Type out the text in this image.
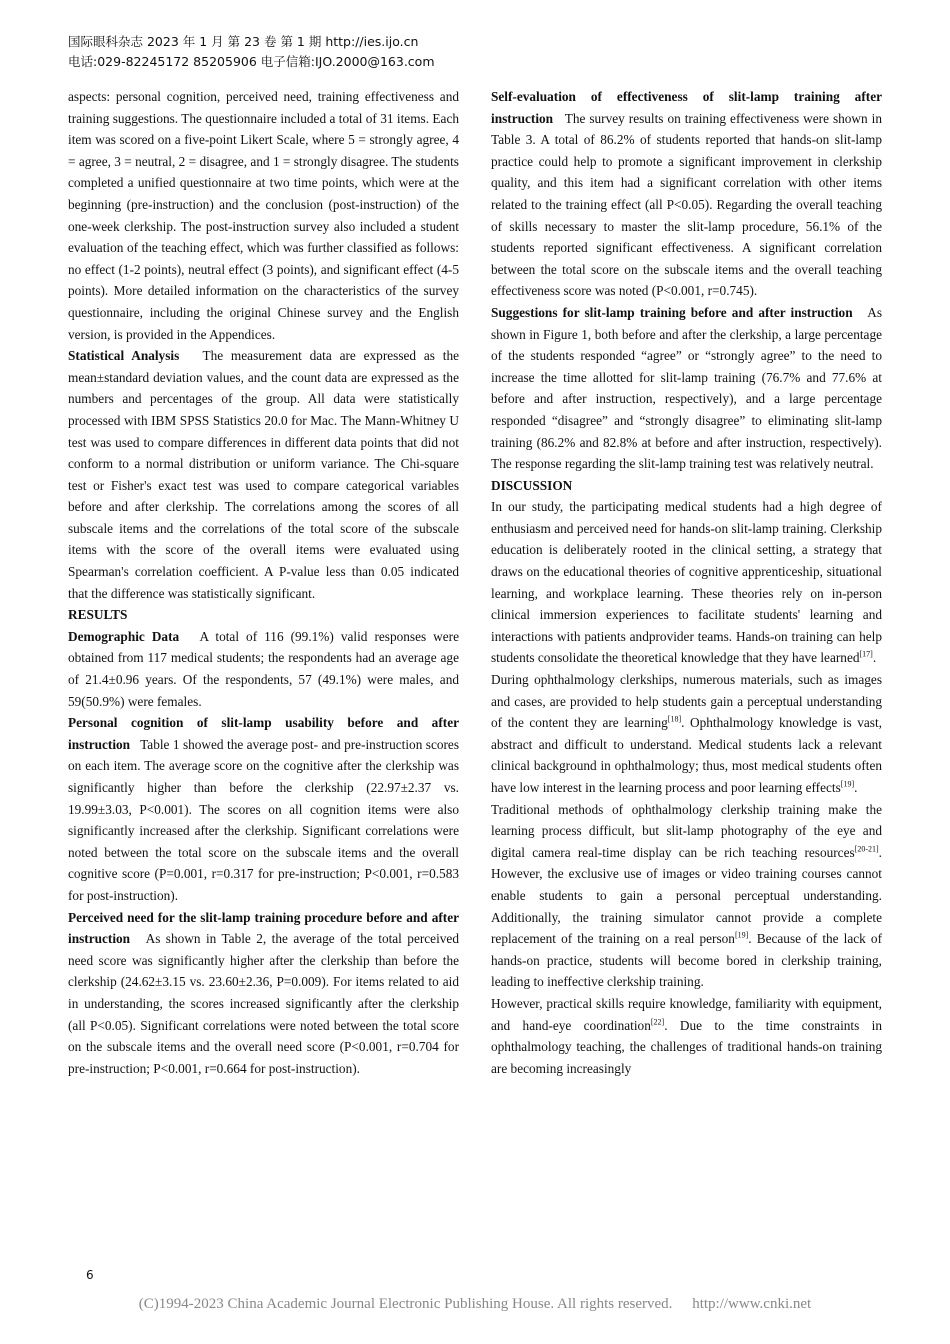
国际眼科杂志 2023 年 1 月 第 23 卷 第 1 期 http://ies.ijo.cn
电话:029-82245172 85205906 电子信箱:IJO.2000@163.com

aspects: personal cognition, perceived need, training effectiveness and training suggestions. The questionnaire included a total of 31 items. Each item was scored on a five-point Likert Scale, where 5 = strongly agree, 4 = agree, 3 = neutral, 2 = disagree, and 1 = strongly disagree. The students completed a unified questionnaire at two time points, which were at the beginning (pre-instruction) and the conclusion (post-instruction) of the one-week clerkship. The post-instruction survey also included a student evaluation of the teaching effect, which was further classified as follows: no effect (1-2 points), neutral effect (3 points), and significant effect (4-5 points). More detailed information on the characteristics of the survey questionnaire, including the original Chinese survey and the English version, is provided in the Appendices.

Statistical Analysis The measurement data are expressed as the mean±standard deviation values, and the count data are expressed as the numbers and percentages of the group. All data were statistically processed with IBM SPSS Statistics 20.0 for Mac. The Mann-Whitney U test was used to compare differences in different data points that did not conform to a normal distribution or uniform variance. The Chi-square test or Fisher's exact test was used to compare categorical variables before and after clerkship. The correlations among the scores of all subscale items and the correlations of the total score of the subscale items with the score of the overall items were evaluated using Spearman's correlation coefficient. A P-value less than 0.05 indicated that the difference was statistically significant.

RESULTS

Demographic Data A total of 116 (99.1%) valid responses were obtained from 117 medical students; the respondents had an average age of 21.4±0.96 years. Of the respondents, 57 (49.1%) were males, and 59(50.9%) were females.

Personal cognition of slit-lamp usability before and after instruction Table 1 showed the average post- and pre-instruction scores on each item. The average score on the cognitive after the clerkship was significantly higher than before the clerkship (22.97±2.37 vs. 19.99±3.03, P<0.001). The scores on all cognition items were also significantly increased after the clerkship. Significant correlations were noted between the total score on the subscale items and the overall cognitive score (P=0.001, r=0.317 for pre-instruction; P<0.001, r=0.583 for post-instruction).

Perceived need for the slit-lamp training procedure before and after instruction As shown in Table 2, the average of the total perceived need score was significantly higher after the clerkship than before the clerkship (24.62±3.15 vs. 23.60±2.36, P=0.009). For items related to aid in understanding, the scores increased significantly after the clerkship (all P<0.05). Significant correlations were noted between the total score on the subscale items and the overall need score (P<0.001, r=0.704 for pre-instruction; P<0.001, r=0.664 for post-instruction).

Self-evaluation of effectiveness of slit-lamp training after instruction The survey results on training effectiveness were shown in Table 3. A total of 86.2% of students reported that hands-on slit-lamp practice could help to promote a significant improvement in clerkship quality, and this item had a significant correlation with other items related to the training effect (all P<0.05). Regarding the overall teaching of skills necessary to master the slit-lamp procedure, 56.1% of the students reported significant effectiveness. A significant correlation between the total score on the subscale items and the overall teaching effectiveness score was noted (P<0.001, r=0.745).

Suggestions for slit-lamp training before and after instruction As shown in Figure 1, both before and after the clerkship, a large percentage of the students responded “agree” or “strongly agree” to the need to increase the time allotted for slit-lamp training (76.7% and 77.6% at before and after instruction, respectively), and a large percentage responded “disagree” and “strongly disagree” to eliminating slit-lamp training (86.2% and 82.8% at before and after instruction, respectively). The response regarding the slit-lamp training test was relatively neutral.

DISCUSSION

In our study, the participating medical students had a high degree of enthusiasm and perceived need for hands-on slit-lamp training. Clerkship education is deliberately rooted in the clinical setting, a strategy that draws on the educational theories of cognitive apprenticeship, situational learning, and workplace learning. These theories rely on in-person clinical immersion experiences to facilitate students' learning and interactions with patients andprovider teams. Hands-on training can help students consolidate the theoretical knowledge that they have learned[17].

During ophthalmology clerkships, numerous materials, such as images and cases, are provided to help students gain a perceptual understanding of the content they are learning[18]. Ophthalmology knowledge is vast, abstract and difficult to understand. Medical students lack a relevant clinical background in ophthalmology; thus, most medical students often have low interest in the learning process and poor learning effects[19].

Traditional methods of ophthalmology clerkship training make the learning process difficult, but slit-lamp photography of the eye and digital camera real-time display can be rich teaching resources[20-21]. However, the exclusive use of images or video training courses cannot enable students to gain a personal perceptual understanding. Additionally, the training simulator cannot provide a complete replacement of the training on a real person[19]. Because of the lack of hands-on practice, students will become bored in clerkship training, leading to ineffective clerkship training.

However, practical skills require knowledge, familiarity with equipment, and hand-eye coordination[22]. Due to the time constraints in ophthalmology teaching, the challenges of traditional hands-on training are becoming increasingly

6
(C)1994-2023 China Academic Journal Electronic Publishing House. All rights reserved. http://www.cnki.net
